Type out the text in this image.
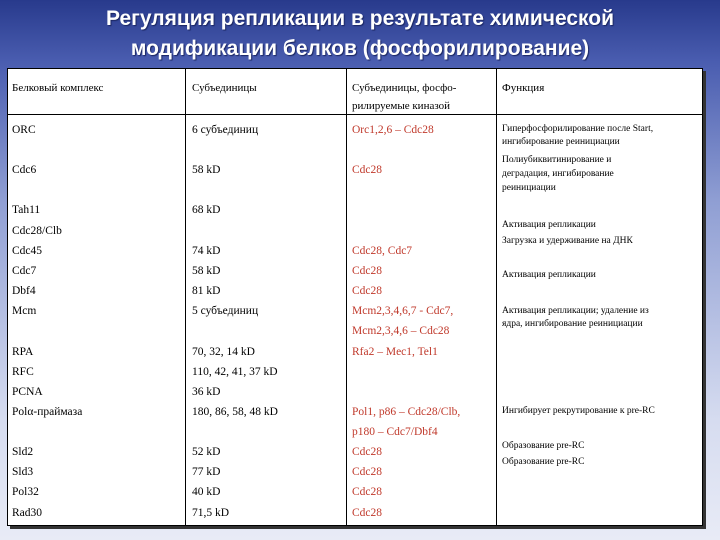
Регуляция репликации в результате химической
модификации белков (фосфорилирование)
Белковый комплекс	Субъединицы	Субъединицы, фосфо-
рилируемые киназой
Функция
ORC
Cdc6
Tah11
Cdc28/Clb
Cdc45
Cdc7
Dbf4
Mcm
RPA
RFC
PCNA
Polα-праймаза
Sld2
Sld3
Pol32
Rad30
6 субъединиц
58 kD
68 kD
74 kD
58 kD
81 kD
5 субъединиц
70, 32, 14 kD
110, 42, 41, 37 kD
36 kD
180, 86, 58, 48 kD
52 kD
77 kD
40 kD
71,5 kD
Orc1,2,6 – Cdc28
Cdc28
Cdc28, Cdc7
Cdc28
Cdc28
Mcm2,3,4,6,7 - Cdc7,
Mcm2,3,4,6 – Cdc28
Rfa2 – Mec1, Tel1
Pol1, p86 – Cdc28/Clb,
p180 – Cdc7/Dbf4
Cdc28
Cdc28
Cdc28
Cdc28
Гиперфосфорилирование после Start,
ингибирование реинициации
Полиубиквитинирование и
деградация, ингибирование
реинициации
Активация репликации
Загрузка и удерживание на ДНК
Активация репликации
Активация репликации; удаление из
ядра, ингибирование реинициации
Ингибирует рекрутирование к pre-RC
Образование pre-RC
Образование pre-RC
